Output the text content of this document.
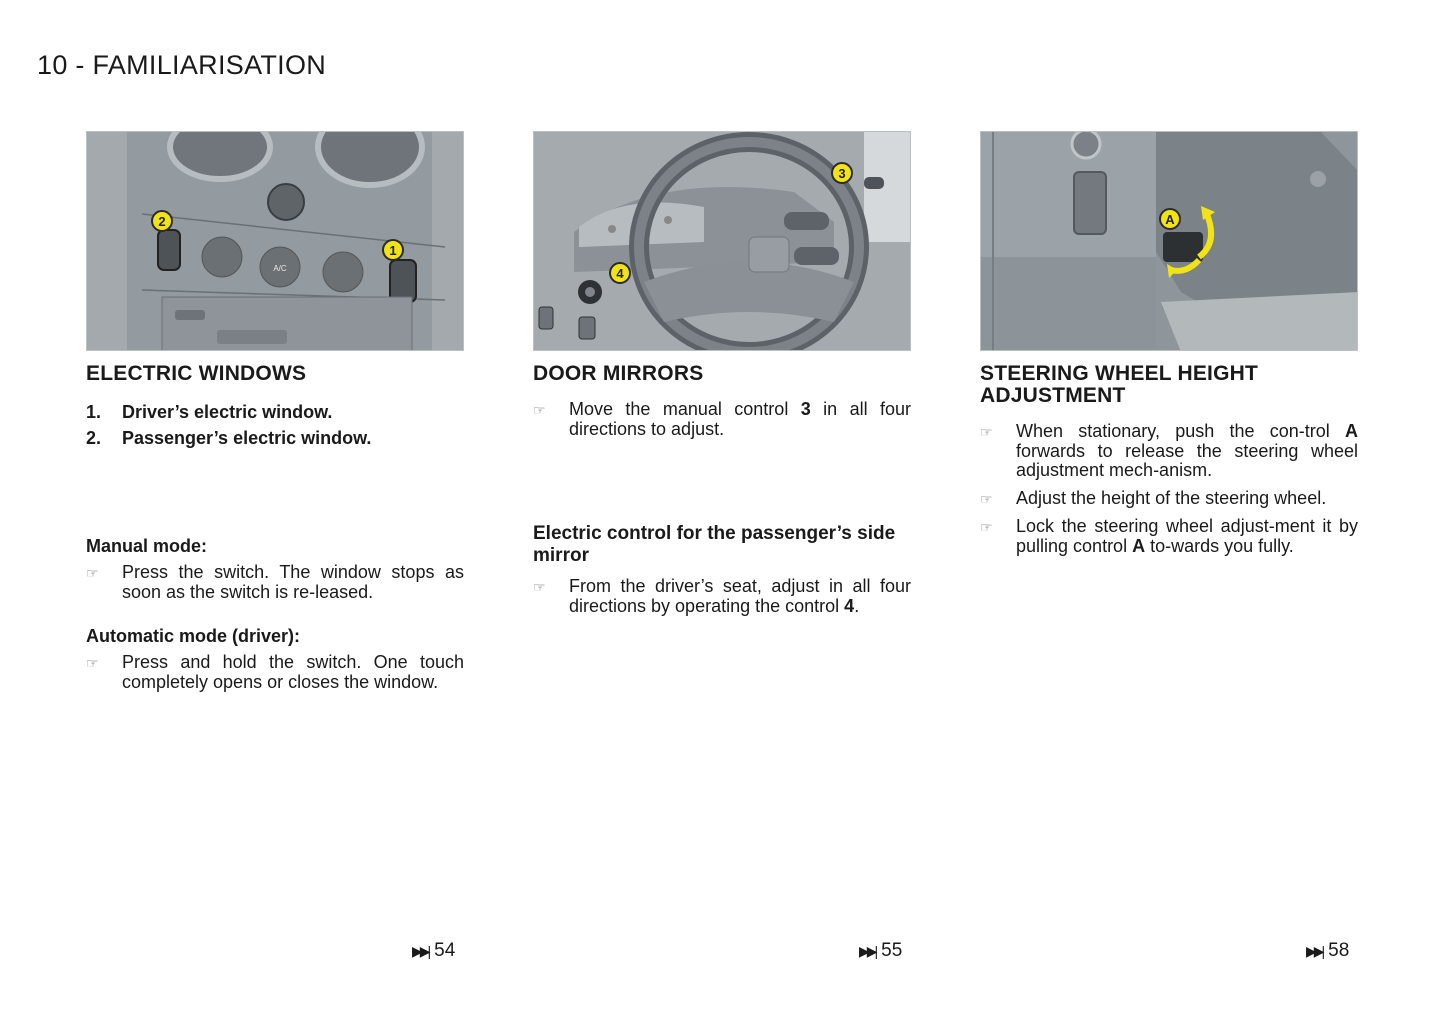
10 - FAMILIARISATION
A/C
2
1
ELECTRIC WINDOWS
1.	Driver’s electric window.
2.	Passenger’s electric window.
Manual mode:
☞	Press the switch. The window stops as soon as the switch is re-leased.
Automatic mode (driver):
☞	Press and hold the switch. One touch completely opens or closes the window.
3
4
DOOR MIRRORS
☞	Move the manual control 3 in all four directions to adjust.
Electric control for the passenger’s side mirror
☞	From the driver’s seat, adjust in all four directions by operating the control 4.
A
STEERING WHEEL HEIGHT ADJUSTMENT
☞	When stationary, push the con-trol A forwards to release the steering wheel adjustment mech-anism.
☞	Adjust the height of the steering wheel.
☞	Lock the steering wheel adjust-ment it by pulling control A to-wards you fully.
▶▶| 54	▶▶| 55	▶▶| 58
